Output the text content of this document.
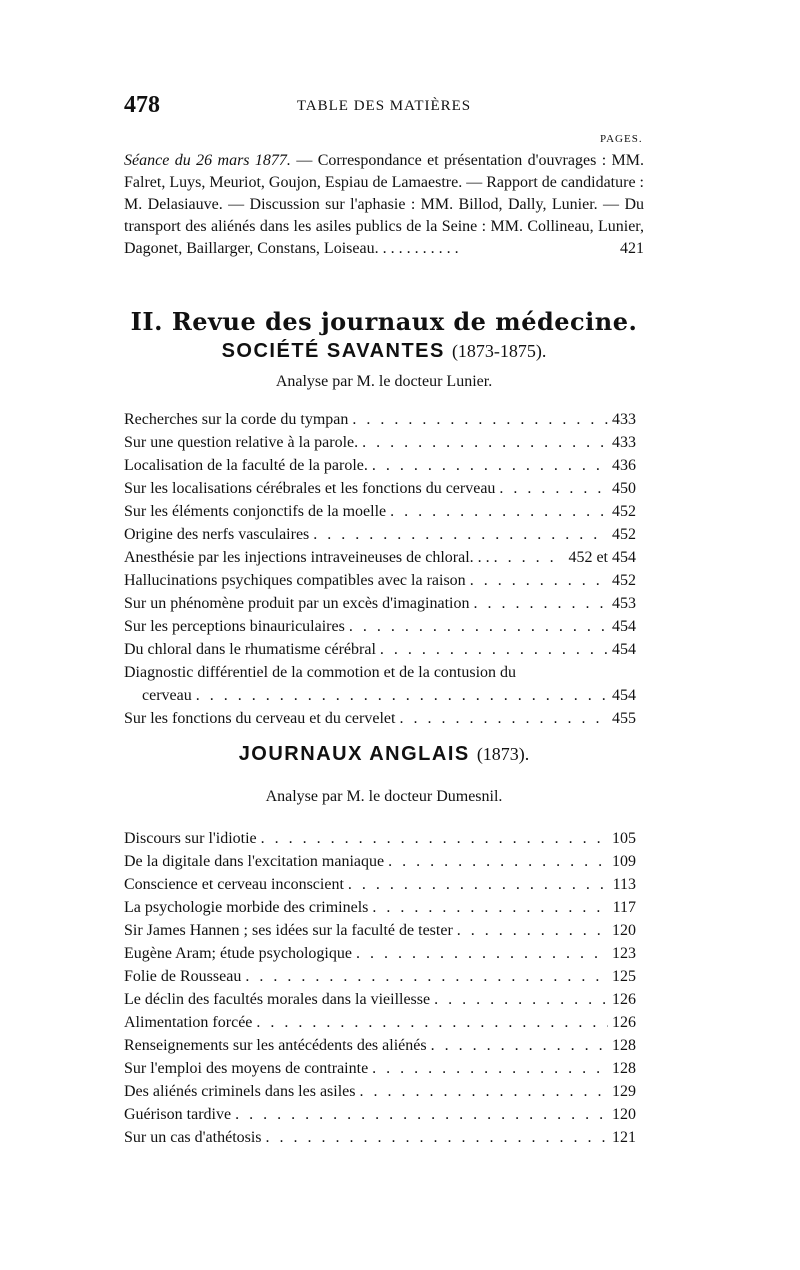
478	TABLE DES MATIÈRES
PAGES.
Séance du 26 mars 1877. — Correspondance et présentation d'ouvrages : MM. Falret, Luys, Meuriot, Goujon, Espiau de Lamaestre. — Rapport de candidature : M. Delasiauve. — Discussion sur l'aphasie : MM. Billod, Dally, Lunier. — Du transport des aliénés dans les asiles publics de la Seine : MM. Collineau, Lunier, Dagonet, Baillarger, Constans, Loiseau. . . . . . . . . . .	421
II. Revue des journaux de médecine.
SOCIÉTÉ SAVANTES (1873-1875).
Analyse par M. le docteur Lunier.
Recherches sur la corde du tympan . . .	433
Sur une question relative à la parole. . . .	433
Localisation de la faculté de la parole. . . .	436
Sur les localisations cérébrales et les fonctions du cerveau . . .	450
Sur les éléments conjonctifs de la moelle . . .	452
Origine des nerfs vasculaires . . .	452
Anesthésie par les injections intraveineuses de chloral. . . . . .	452 et 454
Hallucinations psychiques compatibles avec la raison . . .	452
Sur un phénomène produit par un excès d'imagination . . .	453
Sur les perceptions binauriculaires . . .	454
Du chloral dans le rhumatisme cérébral . . .	454
Diagnostic différentiel de la commotion et de la contusion du
cerveau . . .	454
Sur les fonctions du cerveau et du cervelet . . .	455
JOURNAUX ANGLAIS (1873).
Analyse par M. le docteur Dumesnil.
Discours sur l'idiotie . . .	105
De la digitale dans l'excitation maniaque . . .	109
Conscience et cerveau inconscient . . .	113
La psychologie morbide des criminels . . .	117
Sir James Hannen ; ses idées sur la faculté de tester . . .	120
Eugène Aram; étude psychologique . . .	123
Folie de Rousseau . . .	125
Le déclin des facultés morales dans la vieillesse . . .	126
Alimentation forcée . . .	126
Renseignements sur les antécédents des aliénés . . .	128
Sur l'emploi des moyens de contrainte . . .	128
Des aliénés criminels dans les asiles . . .	129
Guérison tardive . . .	120
Sur un cas d'athétosis . . .	121
